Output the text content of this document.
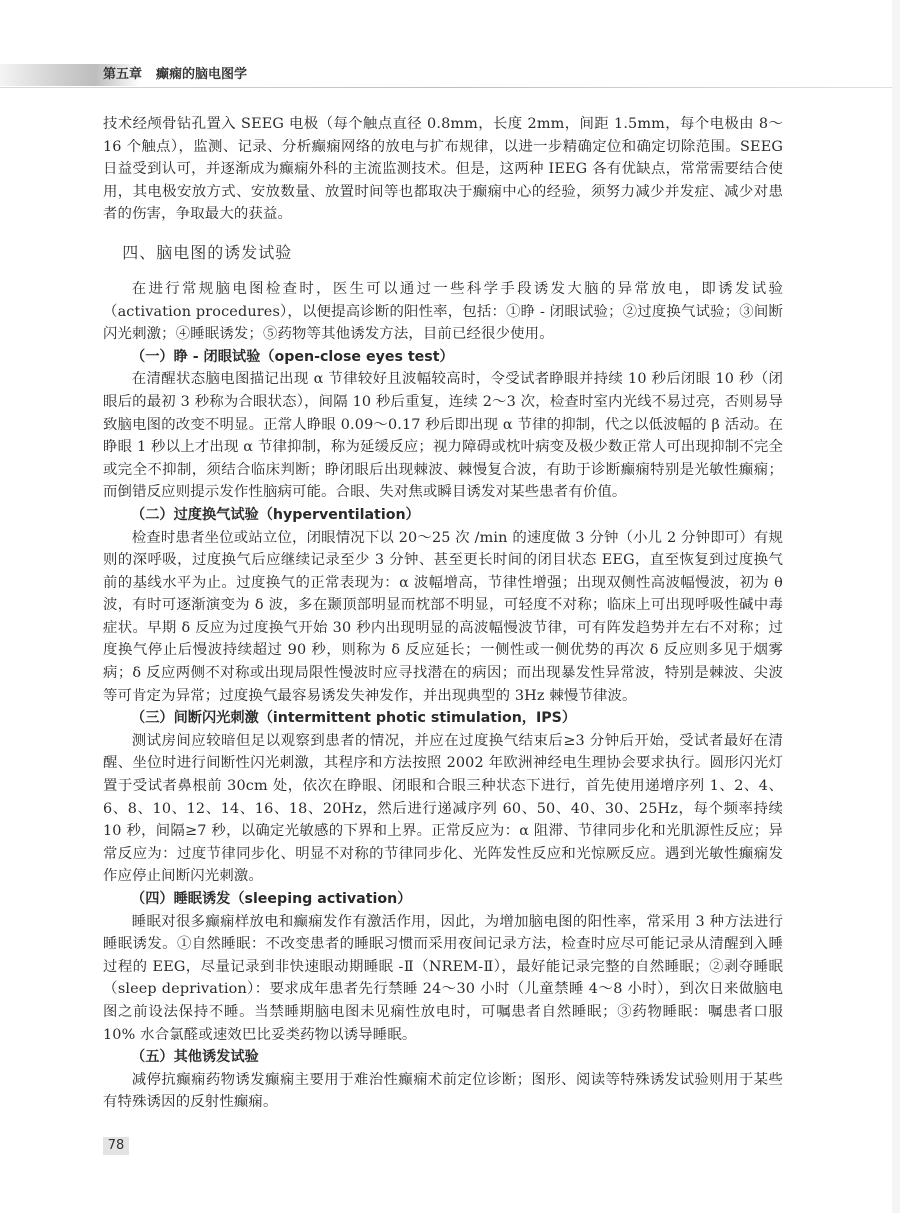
第五章 癫痫的脑电图学

技术经颅骨钻孔置入 SEEG 电极（每个触点直径 0.8mm，长度 2mm，间距 1.5mm，每个电极由 8～16 个触点），监测、记录、分析癫痫网络的放电与扩布规律，以进一步精确定位和确定切除范围。SEEG 日益受到认可，并逐渐成为癫痫外科的主流监测技术。但是，这两种 IEEG 各有优缺点，常常需要结合使用，其电极安放方式、安放数量、放置时间等也都取决于癫痫中心的经验，须努力减少并发症、减少对患者的伤害，争取最大的获益。

四、脑电图的诱发试验

在进行常规脑电图检查时，医生可以通过一些科学手段诱发大脑的异常放电，即诱发试验（activation procedures），以便提高诊断的阳性率，包括：①睁 - 闭眼试验；②过度换气试验；③间断闪光刺激；④睡眠诱发；⑤药物等其他诱发方法，目前已经很少使用。

（一）睁 - 闭眼试验（open-close eyes test）

在清醒状态脑电图描记出现 α 节律较好且波幅较高时，令受试者睁眼并持续 10 秒后闭眼 10 秒（闭眼后的最初 3 秒称为合眼状态），间隔 10 秒后重复，连续 2～3 次，检查时室内光线不易过亮，否则易导致脑电图的改变不明显。正常人睁眼 0.09～0.17 秒后即出现 α 节律的抑制，代之以低波幅的 β 活动。在睁眼 1 秒以上才出现 α 节律抑制，称为延缓反应；视力障碍或枕叶病变及极少数正常人可出现抑制不完全或完全不抑制，须结合临床判断；睁闭眼后出现棘波、棘慢复合波，有助于诊断癫痫特别是光敏性癫痫；而倒错反应则提示发作性脑病可能。合眼、失对焦或瞬目诱发对某些患者有价值。

（二）过度换气试验（hyperventilation）

检查时患者坐位或站立位，闭眼情况下以 20～25 次 /min 的速度做 3 分钟（小儿 2 分钟即可）有规则的深呼吸，过度换气后应继续记录至少 3 分钟、甚至更长时间的闭目状态 EEG，直至恢复到过度换气前的基线水平为止。过度换气的正常表现为：α 波幅增高，节律性增强；出现双侧性高波幅慢波，初为 θ 波，有时可逐渐演变为 δ 波，多在颞顶部明显而枕部不明显，可轻度不对称；临床上可出现呼吸性碱中毒症状。早期 δ 反应为过度换气开始 30 秒内出现明显的高波幅慢波节律，可有阵发趋势并左右不对称；过度换气停止后慢波持续超过 90 秒，则称为 δ 反应延长；一侧性或一侧优势的再次 δ 反应则多见于烟雾病；δ 反应两侧不对称或出现局限性慢波时应寻找潜在的病因；而出现暴发性异常波，特别是棘波、尖波等可肯定为异常；过度换气最容易诱发失神发作，并出现典型的 3Hz 棘慢节律波。

（三）间断闪光刺激（intermittent photic stimulation，IPS）

测试房间应较暗但足以观察到患者的情况，并应在过度换气结束后≥3 分钟后开始，受试者最好在清醒、坐位时进行间断性闪光刺激，其程序和方法按照 2002 年欧洲神经电生理协会要求执行。圆形闪光灯置于受试者鼻根前 30cm 处，依次在睁眼、闭眼和合眼三种状态下进行，首先使用递增序列 1、2、4、6、8、10、12、14、16、18、20Hz，然后进行递减序列 60、50、40、30、25Hz，每个频率持续 10 秒，间隔≥7 秒，以确定光敏感的下界和上界。正常反应为：α 阻滞、节律同步化和光肌源性反应；异常反应为：过度节律同步化、明显不对称的节律同步化、光阵发性反应和光惊厥反应。遇到光敏性癫痫发作应停止间断闪光刺激。

（四）睡眠诱发（sleeping activation）

睡眠对很多癫痫样放电和癫痫发作有激活作用，因此，为增加脑电图的阳性率，常采用 3 种方法进行睡眠诱发。①自然睡眠：不改变患者的睡眠习惯而采用夜间记录方法，检查时应尽可能记录从清醒到入睡过程的 EEG，尽量记录到非快速眼动期睡眠 -Ⅱ（NREM-Ⅱ），最好能记录完整的自然睡眠；②剥夺睡眠（sleep deprivation）：要求成年患者先行禁睡 24～30 小时（儿童禁睡 4～8 小时），到次日来做脑电图之前设法保持不睡。当禁睡期脑电图未见痫性放电时，可嘱患者自然睡眠；③药物睡眠：嘱患者口服 10% 水合氯醛或速效巴比妥类药物以诱导睡眠。

（五）其他诱发试验

减停抗癫痫药物诱发癫痫主要用于难治性癫痫术前定位诊断；图形、阅读等特殊诱发试验则用于某些有特殊诱因的反射性癫痫。

78
